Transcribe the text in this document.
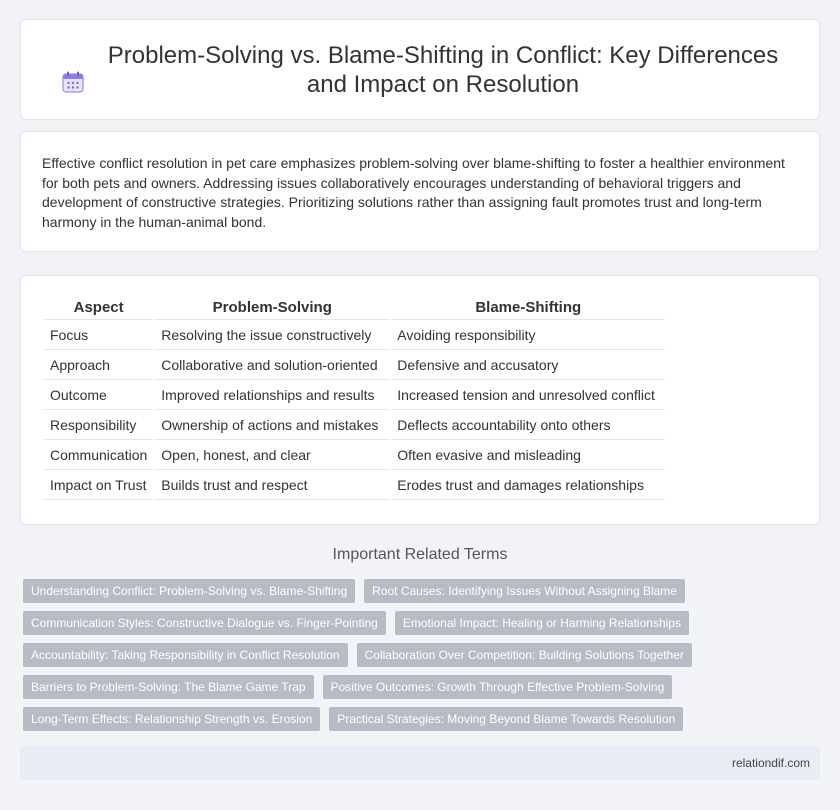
Problem-Solving vs. Blame-Shifting in Conflict: Key Differences and Impact on Resolution

Effective conflict resolution in pet care emphasizes problem-solving over blame-shifting to foster a healthier environment for both pets and owners. Addressing issues collaboratively encourages understanding of behavioral triggers and development of constructive strategies. Prioritizing solutions rather than assigning fault promotes trust and long-term harmony in the human-animal bond.

Aspect	Problem-Solving	Blame-Shifting
Focus	Resolving the issue constructively	Avoiding responsibility
Approach	Collaborative and solution-oriented	Defensive and accusatory
Outcome	Improved relationships and results	Increased tension and unresolved conflict
Responsibility	Ownership of actions and mistakes	Deflects accountability onto others
Communication	Open, honest, and clear	Often evasive and misleading
Impact on Trust	Builds trust and respect	Erodes trust and damages relationships
Important Related Terms
Understanding Conflict: Problem-Solving vs. Blame-Shifting	Root Causes: Identifying Issues Without Assigning Blame
Communication Styles: Constructive Dialogue vs. Finger-Pointing	Emotional Impact: Healing or Harming Relationships
Accountability: Taking Responsibility in Conflict Resolution	Collaboration Over Competition: Building Solutions Together
Barriers to Problem-Solving: The Blame Game Trap	Positive Outcomes: Growth Through Effective Problem-Solving
Long-Term Effects: Relationship Strength vs. Erosion	Practical Strategies: Moving Beyond Blame Towards Resolution
relationdif.com
